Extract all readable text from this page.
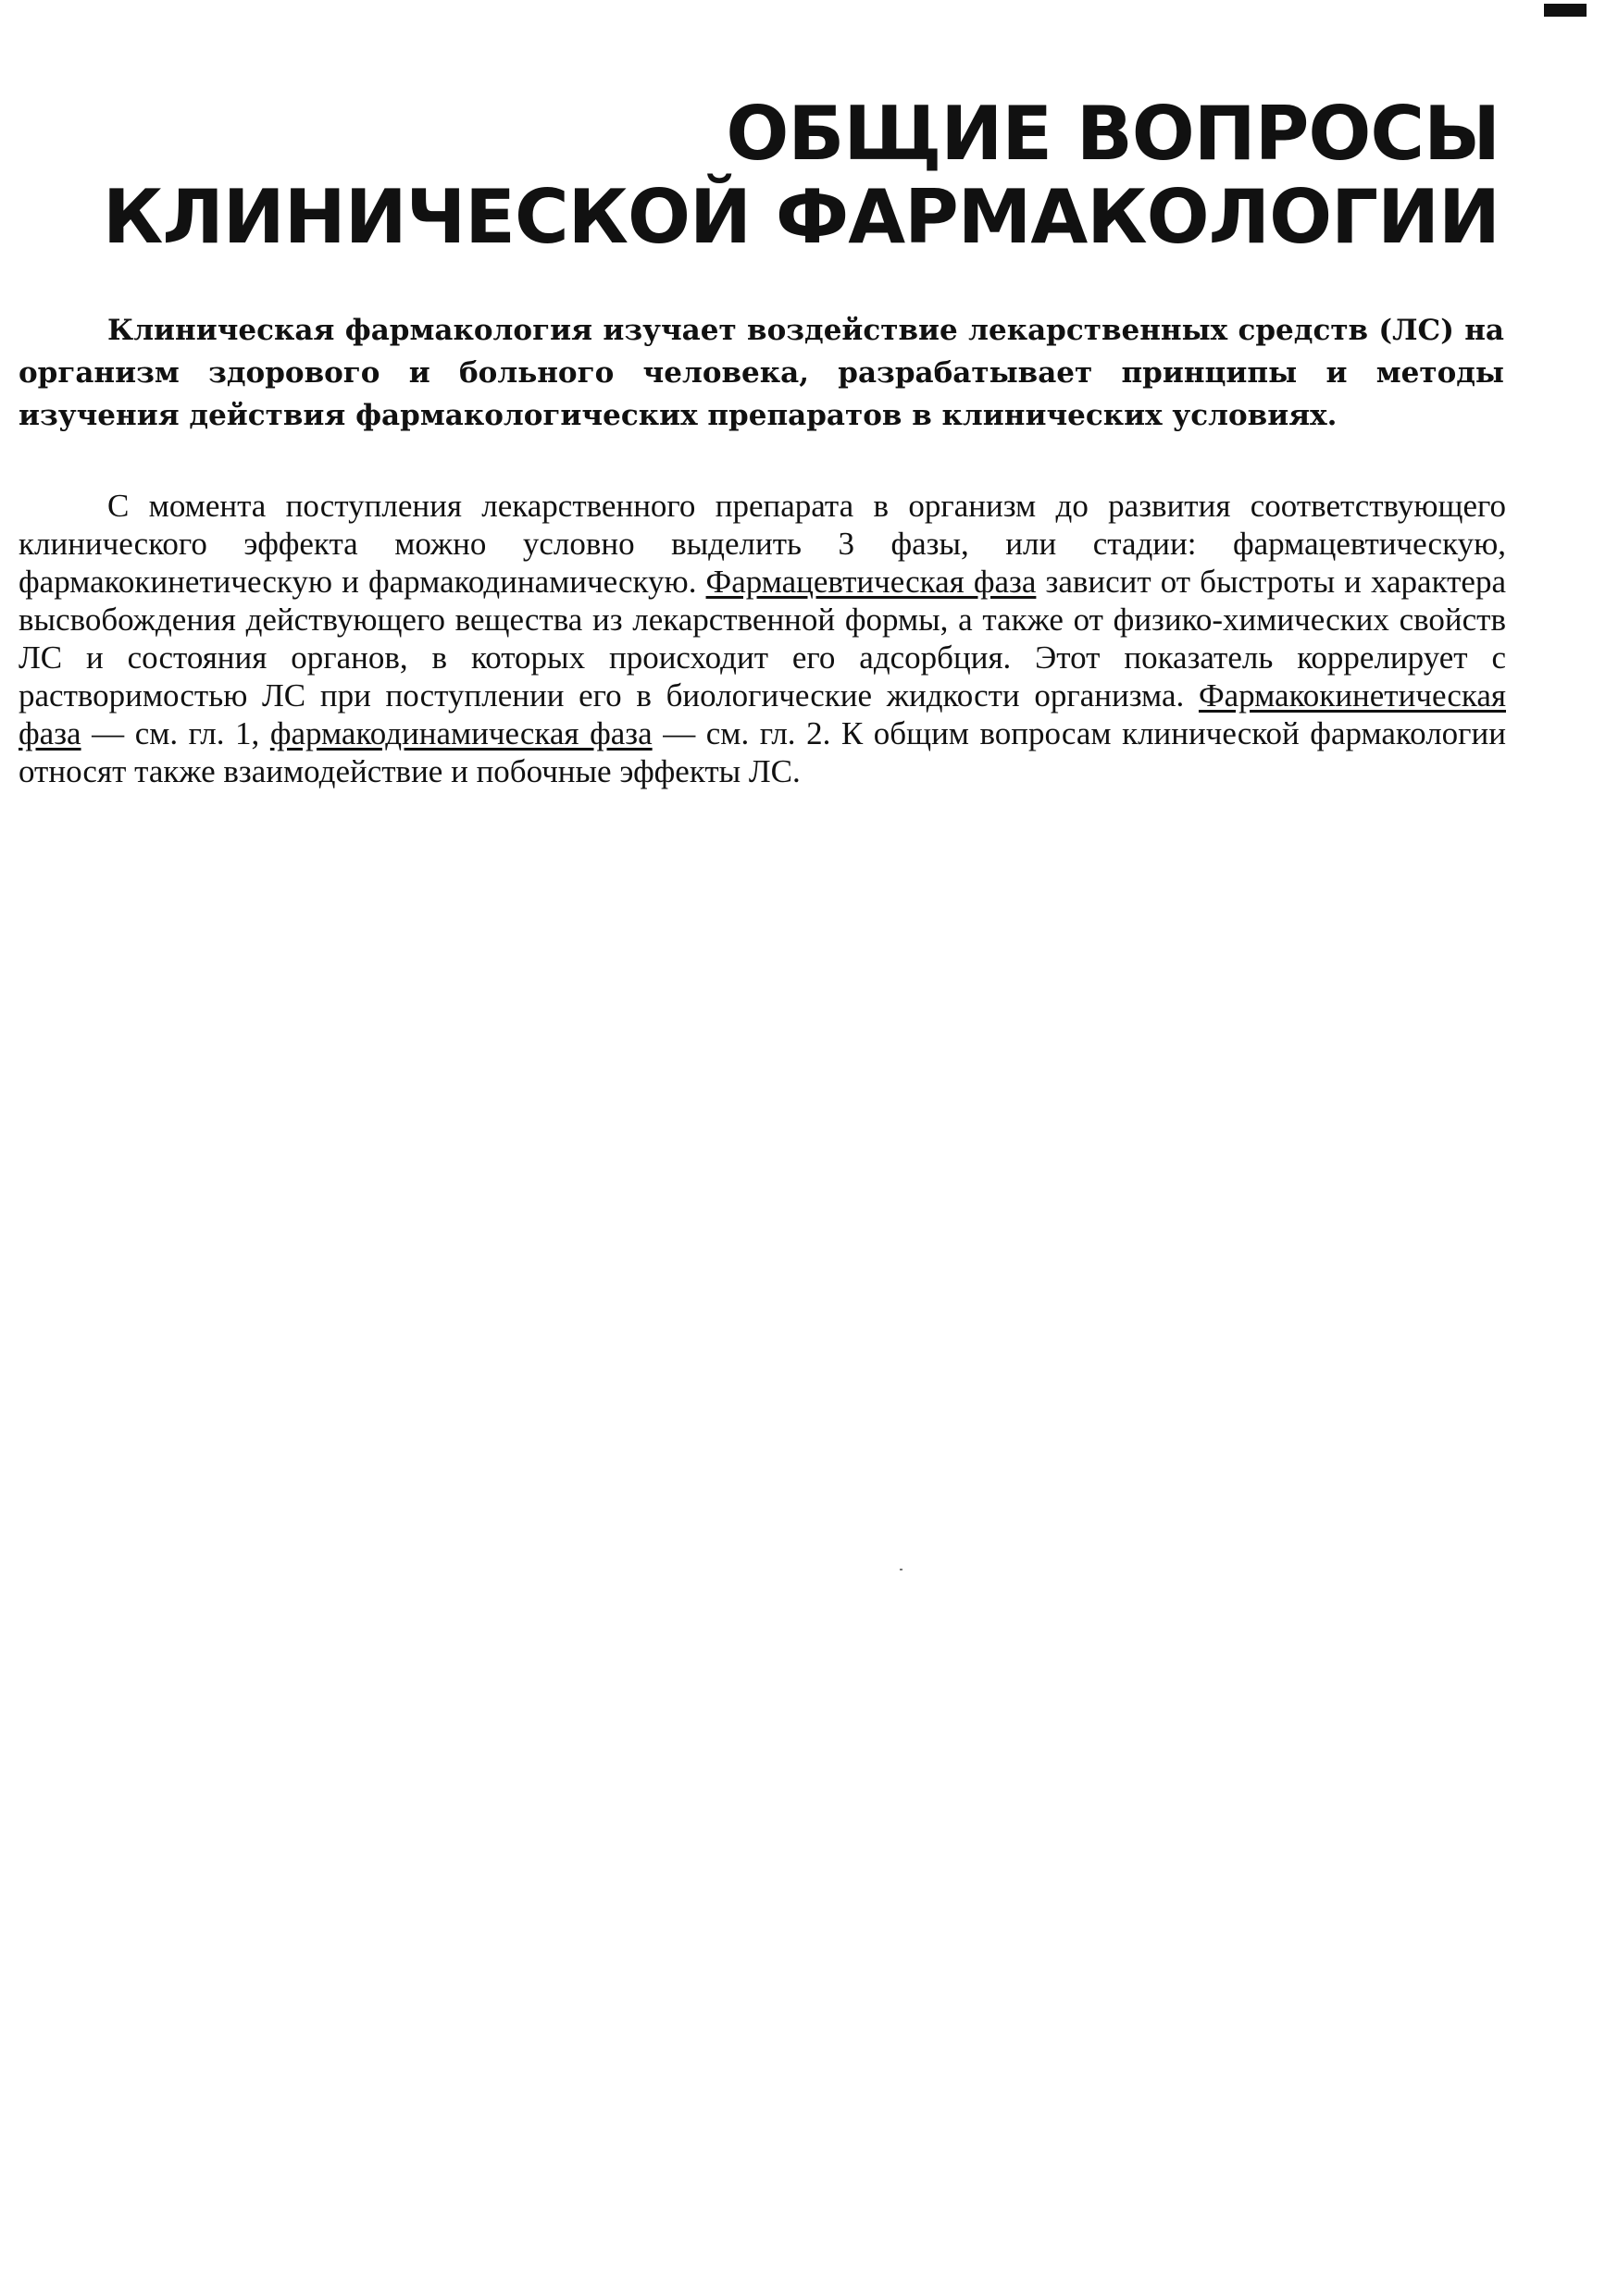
ОБЩИЕ ВОПРОСЫ
КЛИНИЧЕСКОЙ ФАРМАКОЛОГИИ

Клиническая фармакология изучает воздействие лекарственных средств (ЛС) на организм здорового и больного человека, разрабатывает принципы и методы изучения действия фармакологических препаратов в клинических условиях.

С момента поступления лекарственного препарата в организм до развития соответствующего клинического эффекта можно условно выделить 3 фазы, или стадии: фармацевтическую, фармакокинетическую и фармакодинамическую. Фармацевтическая фаза зависит от быстроты и характера высвобождения действующего вещества из лекарственной формы, а также от физико-химических свойств ЛС и состояния органов, в которых происходит его адсорбция. Этот показатель коррелирует с растворимостью ЛС при поступлении его в биологические жидкости организма. Фармакокинетическая фаза — см. гл. 1, фармакодинамическая фаза — см. гл. 2. К общим вопросам клинической фармакологии относят также взаимодействие и побочные эффекты ЛС.
